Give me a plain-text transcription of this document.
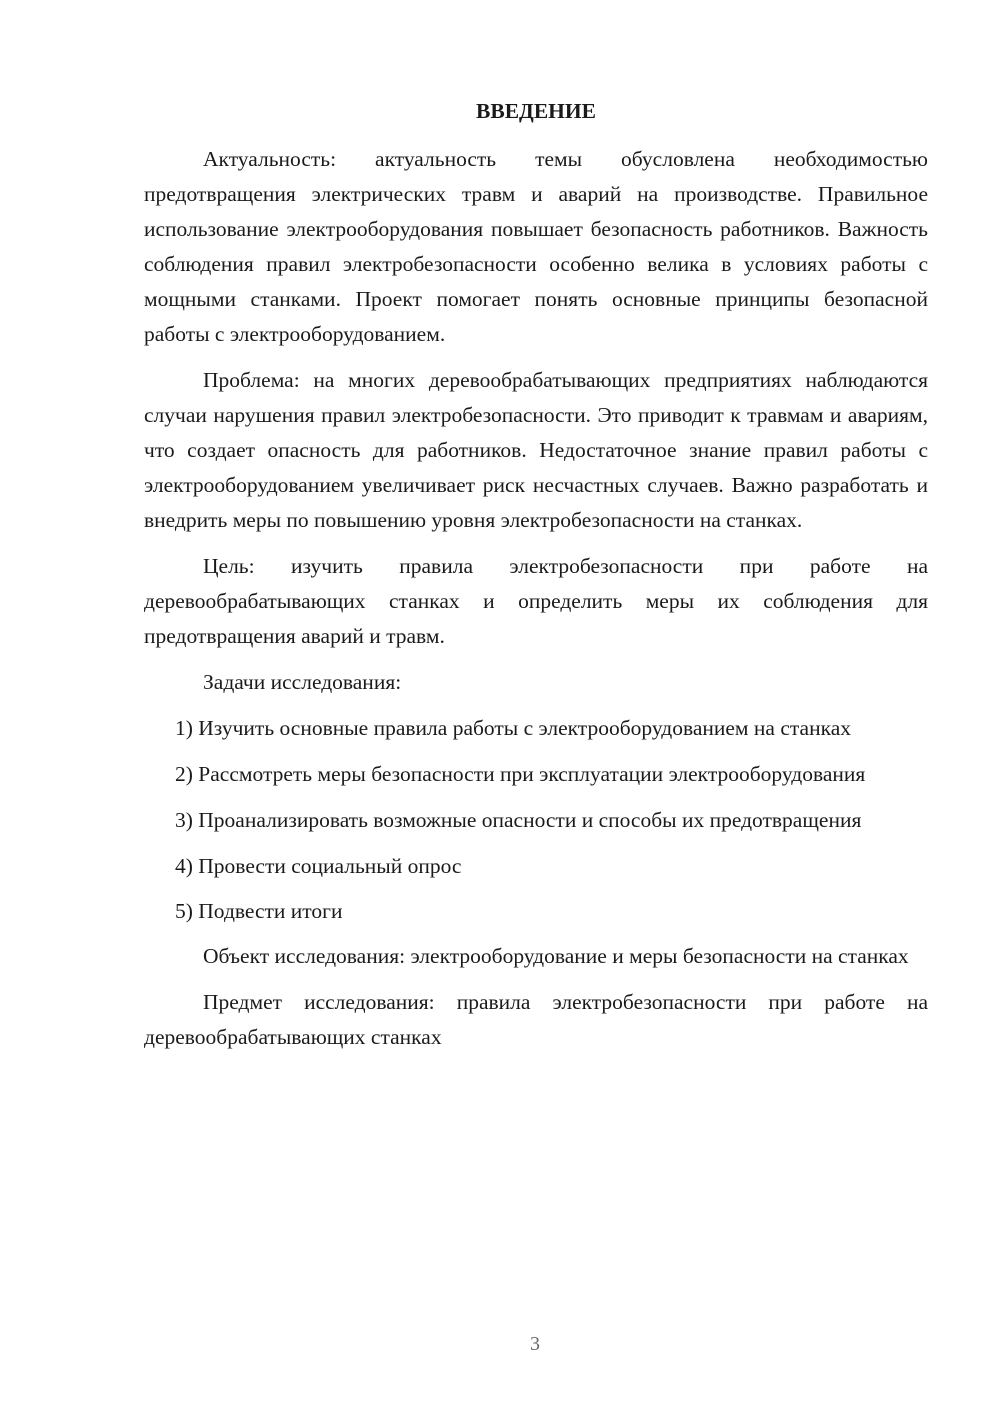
ВВЕДЕНИЕ

Актуальность: актуальность темы обусловлена необходимостью предотвращения электрических травм и аварий на производстве. Правильное использование электрооборудования повышает безопасность работников. Важность соблюдения правил электробезопасности особенно велика в условиях работы с мощными станками. Проект помогает понять основные принципы безопасной работы с электрооборудованием.

Проблема: на многих деревообрабатывающих предприятиях наблюдаются случаи нарушения правил электробезопасности. Это приводит к травмам и авариям, что создает опасность для работников. Недостаточное знание правил работы с электрооборудованием увеличивает риск несчастных случаев. Важно разработать и внедрить меры по повышению уровня электробезопасности на станках.

Цель: изучить правила электробезопасности при работе на деревообрабатывающих станках и определить меры их соблюдения для предотвращения аварий и травм.

Задачи исследования:

1) Изучить основные правила работы с электрооборудованием на станках

2) Рассмотреть меры безопасности при эксплуатации электрооборудования

3) Проанализировать возможные опасности и способы их предотвращения

4) Провести социальный опрос

5) Подвести итоги

Объект исследования: электрооборудование и меры безопасности на станках

Предмет исследования: правила электробезопасности при работе на деревообрабатывающих станках

3
